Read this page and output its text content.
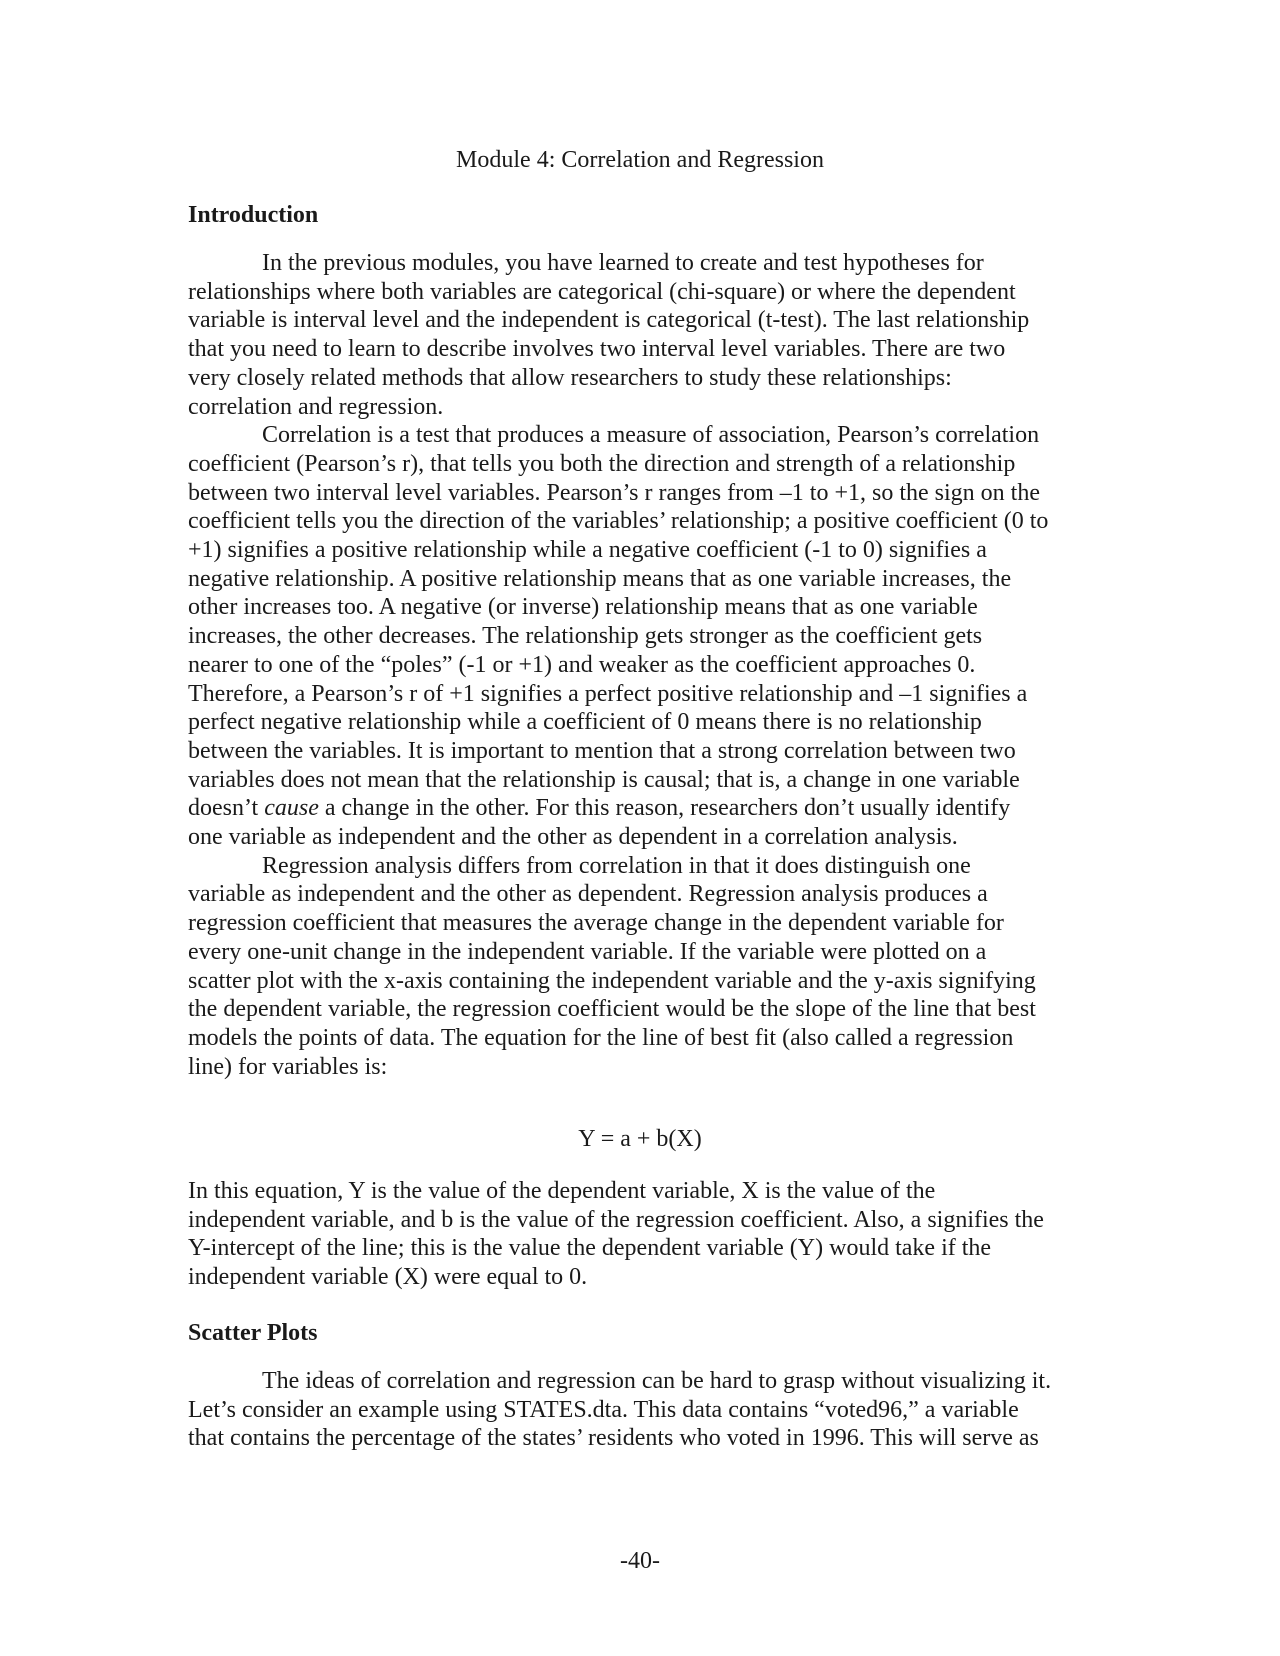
Module 4: Correlation and Regression
Introduction

In the previous modules, you have learned to create and test hypotheses for
relationships where both variables are categorical (chi-square) or where the dependent
variable is interval level and the independent is categorical (t-test). The last relationship
that you need to learn to describe involves two interval level variables. There are two
very closely related methods that allow researchers to study these relationships:
correlation and regression.

Correlation is a test that produces a measure of association, Pearson’s correlation
coefficient (Pearson’s r), that tells you both the direction and strength of a relationship
between two interval level variables. Pearson’s r ranges from –1 to +1, so the sign on the
coefficient tells you the direction of the variables’ relationship; a positive coefficient (0 to
+1) signifies a positive relationship while a negative coefficient (-1 to 0) signifies a
negative relationship. A positive relationship means that as one variable increases, the
other increases too. A negative (or inverse) relationship means that as one variable
increases, the other decreases. The relationship gets stronger as the coefficient gets
nearer to one of the “poles” (-1 or +1) and weaker as the coefficient approaches 0.
Therefore, a Pearson’s r of +1 signifies a perfect positive relationship and –1 signifies a
perfect negative relationship while a coefficient of 0 means there is no relationship
between the variables. It is important to mention that a strong correlation between two
variables does not mean that the relationship is causal; that is, a change in one variable
doesn’t cause a change in the other. For this reason, researchers don’t usually identify
one variable as independent and the other as dependent in a correlation analysis.

Regression analysis differs from correlation in that it does distinguish one
variable as independent and the other as dependent. Regression analysis produces a
regression coefficient that measures the average change in the dependent variable for
every one-unit change in the independent variable. If the variable were plotted on a
scatter plot with the x-axis containing the independent variable and the y-axis signifying
the dependent variable, the regression coefficient would be the slope of the line that best
models the points of data. The equation for the line of best fit (also called a regression
line) for variables is:

Y = a + b(X)

In this equation, Y is the value of the dependent variable, X is the value of the
independent variable, and b is the value of the regression coefficient. Also, a signifies the
Y-intercept of the line; this is the value the dependent variable (Y) would take if the
independent variable (X) were equal to 0.

Scatter Plots

The ideas of correlation and regression can be hard to grasp without visualizing it.
Let’s consider an example using STATES.dta. This data contains “voted96,” a variable
that contains the percentage of the states’ residents who voted in 1996. This will serve as

-40-
